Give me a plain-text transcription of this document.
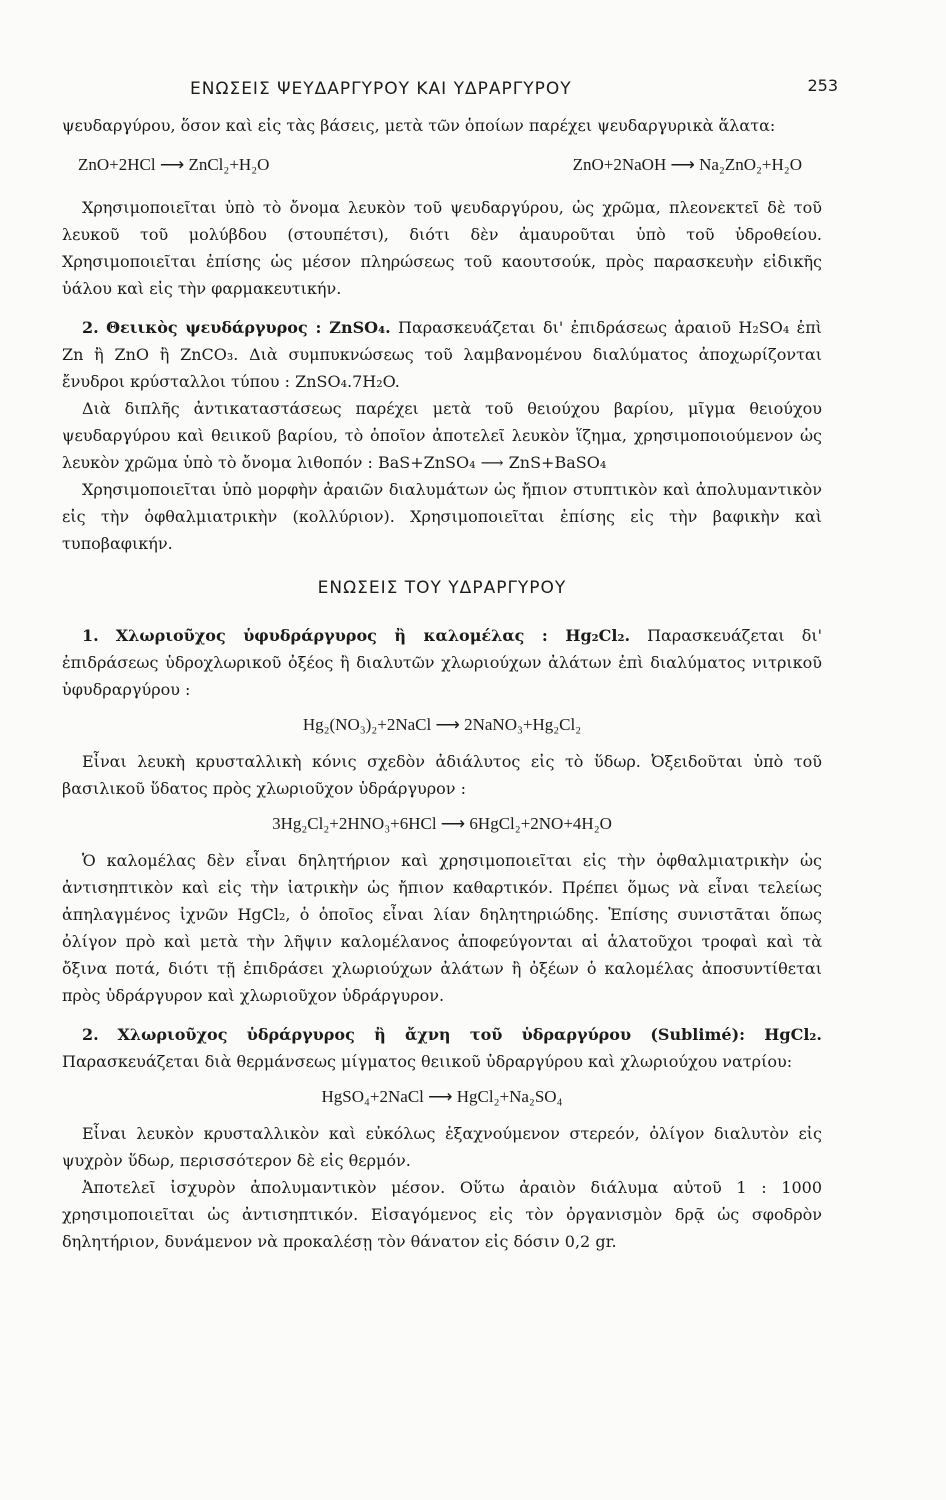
ΕΝΩΣΕΙΣ ΨΕΥΔΑΡΓΥΡΟΥ ΚΑΙ ΥΔΡΑΡΓΥΡΟΥ	253

ψευδαργύρου, ὅσον καὶ εἰς τὰς βάσεις, μετὰ τῶν ὁποίων παρέχει ψευδαργυρικὰ ἅλατα:

ZnO+2HCl ⟶ ZnCl₂+H₂O	ZnO+2NaOH ⟶ Na₂ZnO₂+H₂O

Χρησιμοποιεῖται ὑπὸ τὸ ὄνομα λευκὸν τοῦ ψευδαργύρου, ὡς χρῶμα, πλεονεκτεῖ δὲ τοῦ λευκοῦ τοῦ μολύβδου (στουπέτσι), διότι δὲν ἀμαυροῦται ὑπὸ τοῦ ὑδροθείου. Χρησιμοποιεῖται ἐπίσης ὡς μέσον πληρώσεως τοῦ καουτσούκ, πρὸς παρασκευὴν εἰδικῆς ὑάλου καὶ εἰς τὴν φαρμακευτικήν.

2. Θειικὸς ψευδάργυρος : ZnSO₄. Παρασκευάζεται δι' ἐπιδράσεως ἀραιοῦ H₂SO₄ ἐπὶ Zn ἢ ZnO ἢ ZnCO₃. Διὰ συμπυκνώσεως τοῦ λαμβανομένου διαλύματος ἀποχωρίζονται ἔνυδροι κρύσταλλοι τύπου : ZnSO₄.7H₂O.

Διὰ διπλῆς ἀντικαταστάσεως παρέχει μετὰ τοῦ θειούχου βαρίου, μῖγμα θειούχου ψευδαργύρου καὶ θειικοῦ βαρίου, τὸ ὁποῖον ἀποτελεῖ λευκὸν ἵζημα, χρησιμοποιούμενον ὡς λευκὸν χρῶμα ὑπὸ τὸ ὄνομα λιθοπόν : BaS+ZnSO₄ ⟶ ZnS+BaSO₄

Χρησιμοποιεῖται ὑπὸ μορφὴν ἀραιῶν διαλυμάτων ὡς ἤπιον στυπτικὸν καὶ ἀπολυμαντικὸν εἰς τὴν ὀφθαλμιατρικὴν (κολλύριον). Χρησιμοποιεῖται ἐπίσης εἰς τὴν βαφικὴν καὶ τυποβαφικήν.

ΕΝΩΣΕΙΣ ΤΟΥ ΥΔΡΑΡΓΥΡΟΥ

1. Χλωριοῦχος ὑφυδράργυρος ἢ καλομέλας : Hg₂Cl₂. Παρασκευάζεται δι' ἐπιδράσεως ὑδροχλωρικοῦ ὀξέος ἢ διαλυτῶν χλωριούχων ἀλάτων ἐπὶ διαλύματος νιτρικοῦ ὑφυδραργύρου :

Hg₂(NO₃)₂+2NaCl ⟶ 2NaNO₃+Hg₂Cl₂

Εἶναι λευκὴ κρυσταλλικὴ κόνις σχεδὸν ἀδιάλυτος εἰς τὸ ὕδωρ. Ὀξειδοῦται ὑπὸ τοῦ βασιλικοῦ ὕδατος πρὸς χλωριοῦχον ὑδράργυρον :

3Hg₂Cl₂+2HNO₃+6HCl ⟶ 6HgCl₂+2NO+4H₂O

Ὁ καλομέλας δὲν εἶναι δηλητήριον καὶ χρησιμοποιεῖται εἰς τὴν ὀφθαλμιατρικὴν ὡς ἀντισηπτικὸν καὶ εἰς τὴν ἰατρικὴν ὡς ἤπιον καθαρτικόν. Πρέπει ὅμως νὰ εἶναι τελείως ἀπηλαγμένος ἰχνῶν HgCl₂, ὁ ὁποῖος εἶναι λίαν δηλητηριώδης. Ἐπίσης συνιστᾶται ὅπως ὀλίγον πρὸ καὶ μετὰ τὴν λῆψιν καλομέλανος ἀποφεύγονται αἱ ἁλατοῦχοι τροφαὶ καὶ τὰ ὄξινα ποτά, διότι τῇ ἐπιδράσει χλωριούχων ἀλάτων ἢ ὀξέων ὁ καλομέλας ἀποσυντίθεται πρὸς ὑδράργυρον καὶ χλωριοῦχον ὑδράργυρον.

2. Χλωριοῦχος ὑδράργυρος ἢ ἄχνη τοῦ ὑδραργύρου (Sublimé): HgCl₂. Παρασκευάζεται διὰ θερμάνσεως μίγματος θειικοῦ ὑδραργύρου καὶ χλωριούχου νατρίου:

HgSO₄+2NaCl ⟶ HgCl₂+Na₂SO₄

Εἶναι λευκὸν κρυσταλλικὸν καὶ εὐκόλως ἐξαχνούμενον στερεόν, ὀλίγον διαλυτὸν εἰς ψυχρὸν ὕδωρ, περισσότερον δὲ εἰς θερμόν.

Ἀποτελεῖ ἰσχυρὸν ἀπολυμαντικὸν μέσον. Οὕτω ἀραιὸν διάλυμα αὐτοῦ 1 : 1000 χρησιμοποιεῖται ὡς ἀντισηπτικόν. Εἰσαγόμενος εἰς τὸν ὀργανισμὸν δρᾷ ὡς σφοδρὸν δηλητήριον, δυνάμενον νὰ προκαλέσῃ τὸν θάνατον εἰς δόσιν 0,2 gr.
